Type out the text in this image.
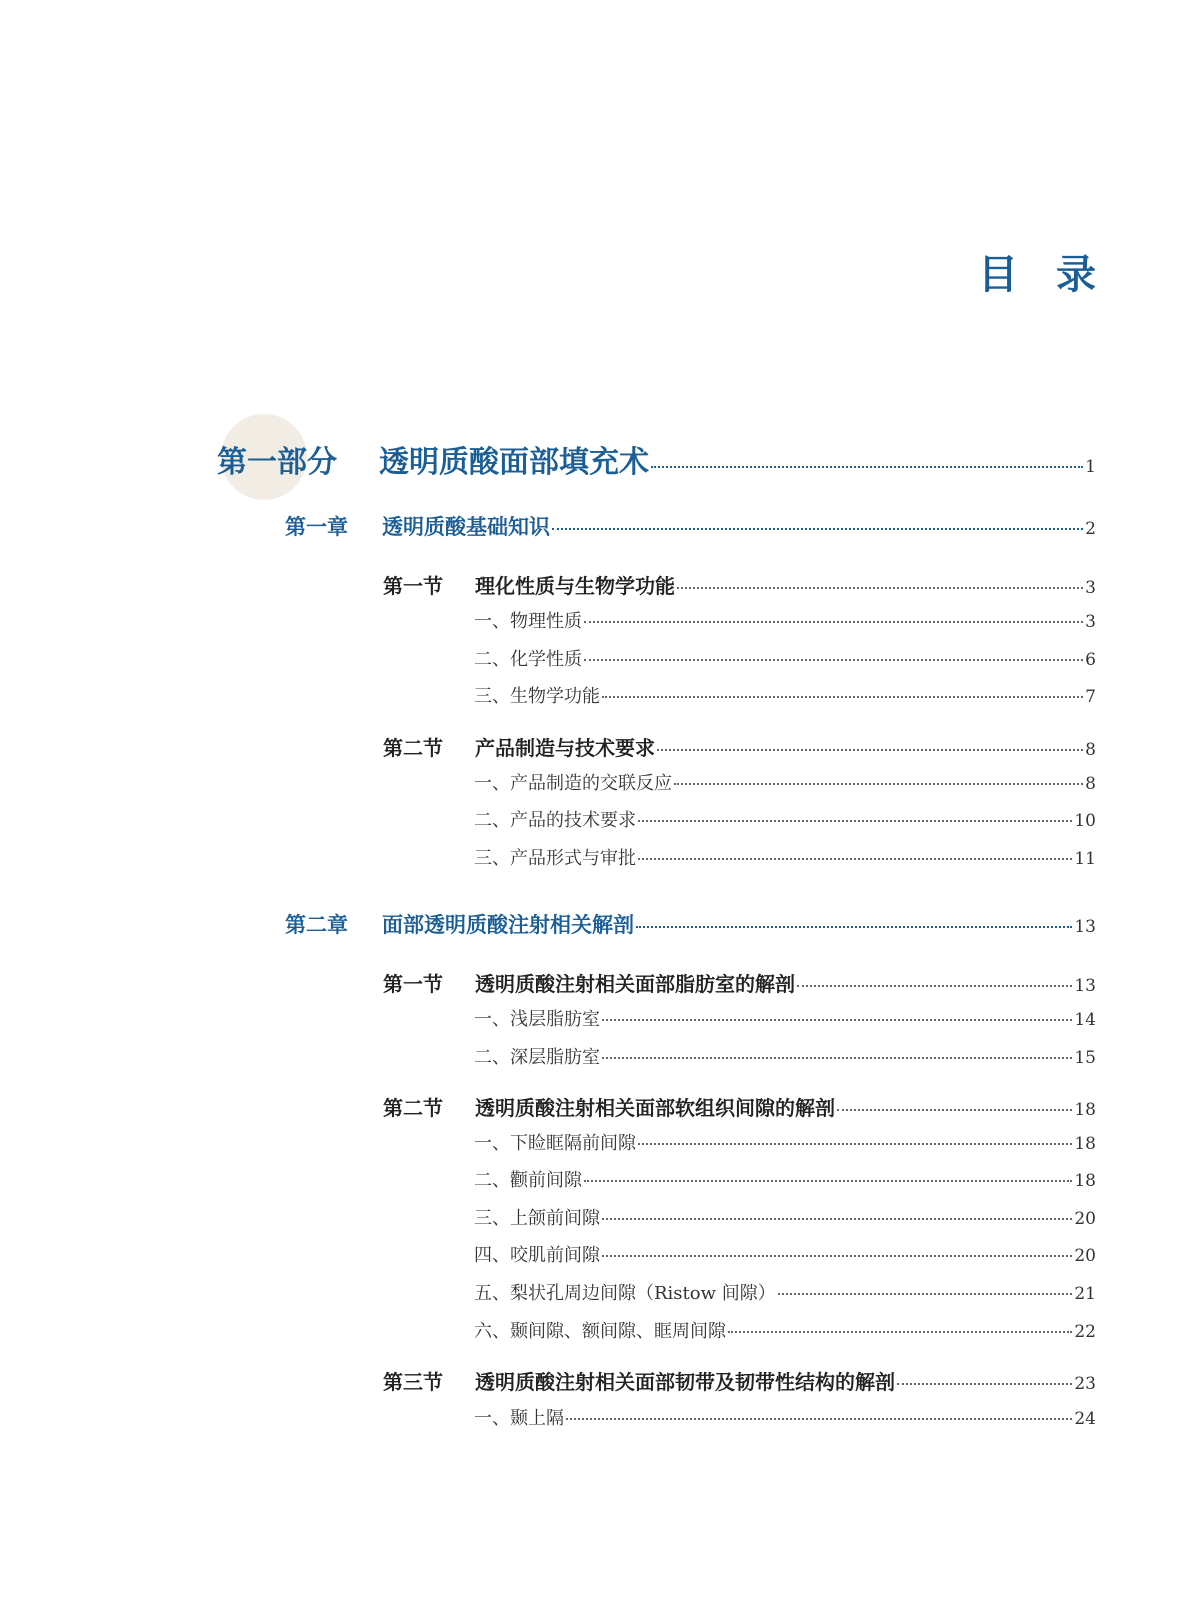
目录
第一部分	透明质酸面部填充术	1
第一章	透明质酸基础知识	2
第一节	理化性质与生物学功能	3
一、物理性质	3
二、化学性质	6
三、生物学功能	7
第二节	产品制造与技术要求	8
一、产品制造的交联反应	8
二、产品的技术要求	10
三、产品形式与审批	11
第二章	面部透明质酸注射相关解剖	13
第一节	透明质酸注射相关面部脂肪室的解剖	13
一、浅层脂肪室	14
二、深层脂肪室	15
第二节	透明质酸注射相关面部软组织间隙的解剖	18
一、下睑眶隔前间隙	18
二、颧前间隙	18
三、上颌前间隙	20
四、咬肌前间隙	20
五、梨状孔周边间隙（Ristow 间隙）	21
六、颞间隙、额间隙、眶周间隙	22
第三节	透明质酸注射相关面部韧带及韧带性结构的解剖	23
一、颞上隔	24
